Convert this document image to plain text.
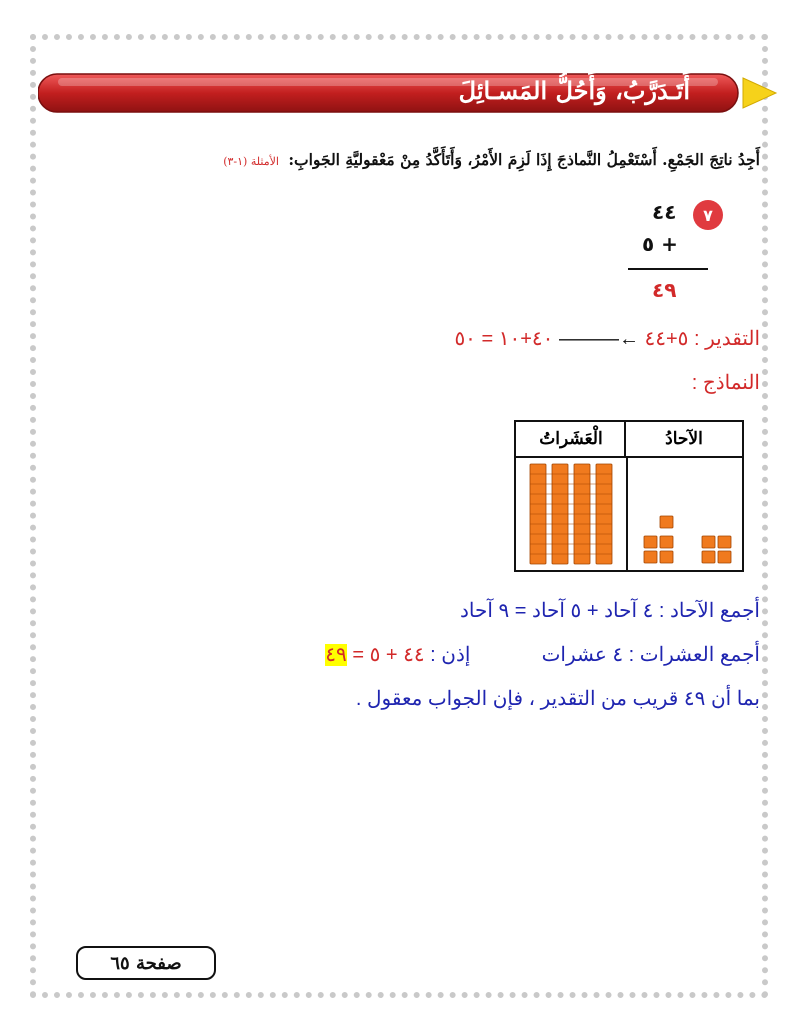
أَتَـدَرَّبُ، وَأَحُلُّ المَسـائِلَ
أَجِدُ ناتِجَ الجَمْعِ. أَسْتَعْمِلُ النَّماذجَ إِذَا لَزِمَ الأَمْرُ، وَأَتَأَكَّدُ مِنْ مَعْقوليَّةِ الجَوابِ: الأمثلة (١-٣)
٧
٤٤
٥ +
٤٩
التقدير : ٥+٤٤ ←——— ٤٠+١٠ = ٥٠
النماذج :
الآحادُ
الْعَشَراتُ
أجمع الآحاد : ٤ آحاد + ٥ آحاد = ٩ آحاد
أجمع العشرات : ٤ عشرات  إذن : ٤٤ + ٥ = ٤٩
بما أن ٤٩ قريب من التقدير ، فإن الجواب معقول .
صفحة ٦٥
